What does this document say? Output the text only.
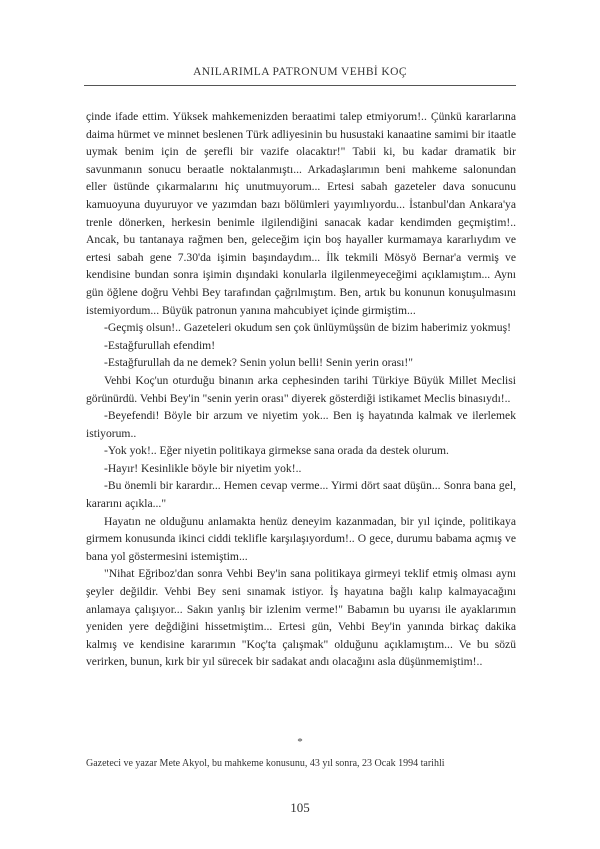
ANILARIMLA PATRONUM VEHBİ KOÇ

çinde ifade ettim. Yüksek mahkemenizden beraatimi talep etmiyorum!.. Çünkü kararlarına daima hürmet ve minnet beslenen Türk adliyesinin bu husustaki kanaatine samimi bir itaatle uymak benim için de şerefli bir vazife olacaktır!" Tabii ki, bu kadar dramatik bir savunmanın sonucu beraatle noktalanmıştı... Arkadaşlarımın beni mahkeme salonundan eller üstünde çıkarmalarını hiç unutmuyorum... Ertesi sabah gazeteler dava sonucunu kamuoyuna duyuruyor ve yazımdan bazı bölümleri yayımlıyordu... İstanbul'dan Ankara'ya trenle dönerken, herkesin benimle ilgilendiğini sanacak kadar kendimden geçmiştim!.. Ancak, bu tantanaya rağmen ben, geleceğim için boş hayaller kurmamaya kararlıydım ve ertesi sabah gene 7.30'da işimin başındaydım... İlk tekmili Mösyö Bernar'a vermiş ve kendisine bundan sonra işimin dışındaki konularla ilgilenmeyeceğimi açıklamıştım... Aynı gün öğlene doğru Vehbi Bey tarafından çağrılmıştım. Ben, artık bu konunun konuşulmasını istemiyordum... Büyük patronun yanına mahcubiyet içinde girmiştim...

-Geçmiş olsun!.. Gazeteleri okudum sen çok ünlüymüşsün de bizim haberimiz yokmuş!

-Estağfurullah efendim!

-Estağfurullah da ne demek? Senin yolun belli! Senin yerin orası!"

Vehbi Koç'un oturduğu binanın arka cephesinden tarihi Türkiye Büyük Millet Meclisi görünürdü. Vehbi Bey'in "senin yerin orası" diyerek gösterdiği istikamet Meclis binasıydı!..

-Beyefendi! Böyle bir arzum ve niyetim yok... Ben iş hayatında kalmak ve ilerlemek istiyorum..

-Yok yok!.. Eğer niyetin politikaya girmekse sana orada da destek olurum.

-Hayır! Kesinlikle böyle bir niyetim yok!..

-Bu önemli bir karardır... Hemen cevap verme... Yirmi dört saat düşün... Sonra bana gel, kararını açıkla..."

Hayatın ne olduğunu anlamakta henüz deneyim kazanmadan, bir yıl içinde, politikaya girmem konusunda ikinci ciddi teklifle karşılaşıyordum!.. O gece, durumu babama açmış ve bana yol göstermesini istemiştim...

"Nihat Eğriboz'dan sonra Vehbi Bey'in sana politikaya girmeyi teklif etmiş olması aynı şeyler değildir. Vehbi Bey seni sınamak istiyor. İş hayatına bağlı kalıp kalmayacağını anlamaya çalışıyor... Sakın yanlış bir izlenim verme!" Babamın bu uyarısı ile ayaklarımın yeniden yere değdiğini hissetmiştim... Ertesi gün, Vehbi Bey'in yanında birkaç dakika kalmış ve kendisine kararımın "Koç'ta çalışmak" olduğunu açıklamıştım... Ve bu sözü verirken, bunun, kırk bir yıl sürecek bir sadakat andı olacağını asla düşünmemiştim!..

*
Gazeteci ve yazar Mete Akyol, bu mahkeme konusunu, 43 yıl sonra, 23 Ocak 1994 tarihli
105
